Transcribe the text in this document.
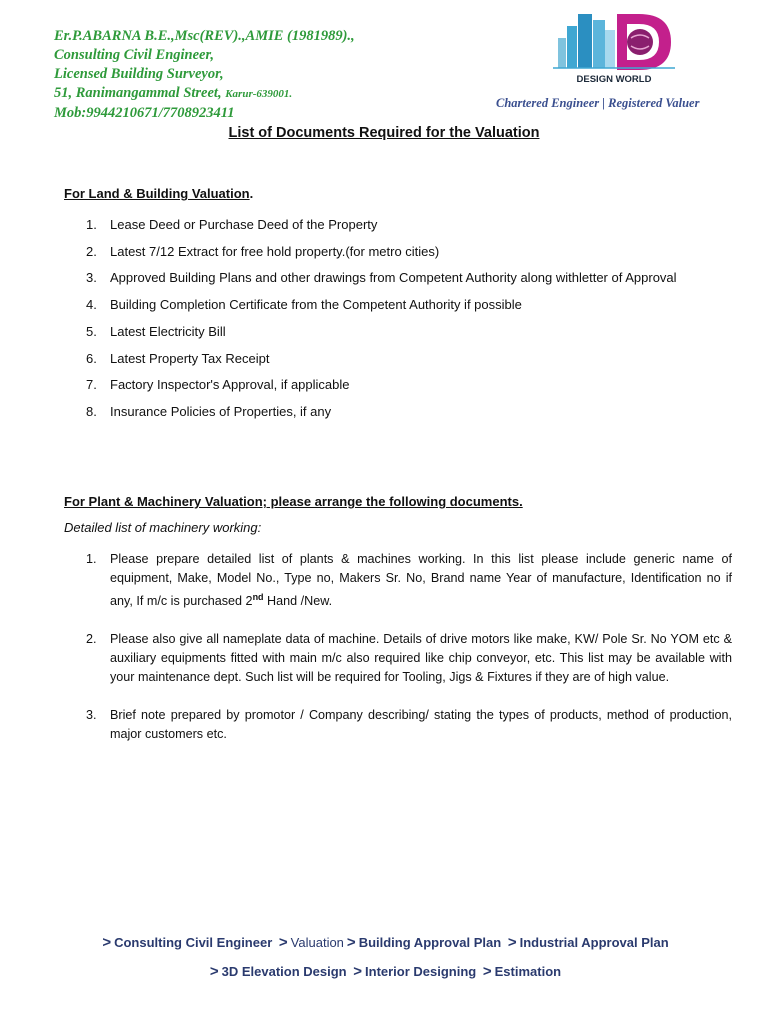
Er.P.ABARNA B.E.,Msc(REV).,AMIE (1981989).,
Consulting Civil Engineer,
Licensed Building Surveyor,
51, Ranimangammal Street, Karur-639001.
Mob:9944210671/7708923411
DESIGN WORLD
Chartered Engineer | Registered Valuer
List of Documents Required for the Valuation
For Land & Building Valuation.
1. Lease Deed or Purchase Deed of the Property
2. Latest 7/12 Extract for free hold property.(for metro cities)
3. Approved Building Plans and other drawings from Competent Authority along withletter of Approval
4. Building Completion Certificate from the Competent Authority if possible
5. Latest Electricity Bill
6. Latest Property Tax Receipt
7. Factory Inspector's Approval, if applicable
8. Insurance Policies of Properties, if any
For Plant & Machinery Valuation; please arrange the following documents.
Detailed list of machinery working:
1. Please prepare detailed list of plants & machines working. In this list please include generic name of equipment, Make, Model No., Type no, Makers Sr. No, Brand name Year of manufacture, Identification no if any, If m/c is purchased 2nd Hand /New.
2. Please also give all nameplate data of machine. Details of drive motors like make, KW/ Pole Sr. No YOM etc & auxiliary equipments fitted with main m/c also required like chip conveyor, etc. This list may be available with your maintenance dept. Such list will be required for Tooling, Jigs & Fixtures if they are of high value.
3. Brief note prepared by promotor / Company describing/ stating the types of products, method of production, major customers etc.
> Consulting Civil Engineer > Valuation > Building Approval Plan > Industrial Approval Plan
> 3D Elevation Design > Interior Designing > Estimation
